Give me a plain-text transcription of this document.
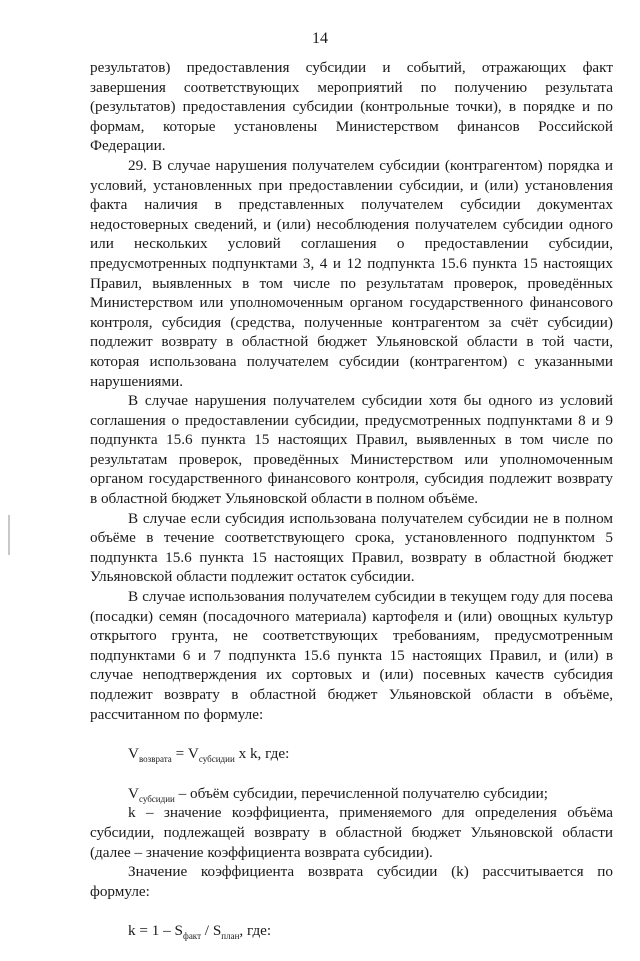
14

результатов) предоставления субсидии и событий, отражающих факт завершения соответствующих мероприятий по получению результата (результатов) предоставления субсидии (контрольные точки), в порядке и по формам, которые установлены Министерством финансов Российской Федерации.

29. В случае нарушения получателем субсидии (контрагентом) порядка и условий, установленных при предоставлении субсидии, и (или) установления факта наличия в представленных получателем субсидии документах недостоверных сведений, и (или) несоблюдения получателем субсидии одного или нескольких условий соглашения о предоставлении субсидии, предусмотренных подпунктами 3, 4 и 12 подпункта 15.6 пункта 15 настоящих Правил, выявленных в том числе по результатам проверок, проведённых Министерством или уполномоченным органом государственного финансового контроля, субсидия (средства, полученные контрагентом за счёт субсидии) подлежит возврату в областной бюджет Ульяновской области в той части, которая использована получателем субсидии (контрагентом) с указанными нарушениями.

В случае нарушения получателем субсидии хотя бы одного из условий соглашения о предоставлении субсидии, предусмотренных подпунктами 8 и 9 подпункта 15.6 пункта 15 настоящих Правил, выявленных в том числе по результатам проверок, проведённых Министерством или уполномоченным органом государственного финансового контроля, субсидия подлежит возврату в областной бюджет Ульяновской области в полном объёме.

В случае если субсидия использована получателем субсидии не в полном объёме в течение соответствующего срока, установленного подпунктом 5 подпункта 15.6 пункта 15 настоящих Правил, возврату в областной бюджет Ульяновской области подлежит остаток субсидии.

В случае использования получателем субсидии в текущем году для посева (посадки) семян (посадочного материала) картофеля и (или) овощных культур открытого грунта, не соответствующих требованиям, предусмотренным подпунктами 6 и 7 подпункта 15.6 пункта 15 настоящих Правил, и (или) в случае неподтверждения их сортовых и (или) посевных качеств субсидия подлежит возврату в областной бюджет Ульяновской области в объёме, рассчитанном по формуле:

$V_{возврата} = V_{субсидии}$ x k, где:

$V_{субсидии}$ – объём субсидии, перечисленной получателю субсидии;

k – значение коэффициента, применяемого для определения объёма субсидии, подлежащей возврату в областной бюджет Ульяновской области (далее – значение коэффициента возврата субсидии).

Значение коэффициента возврата субсидии (k) рассчитывается по формуле:

$k = 1 - S_{факт} / S_{план}$, где:
